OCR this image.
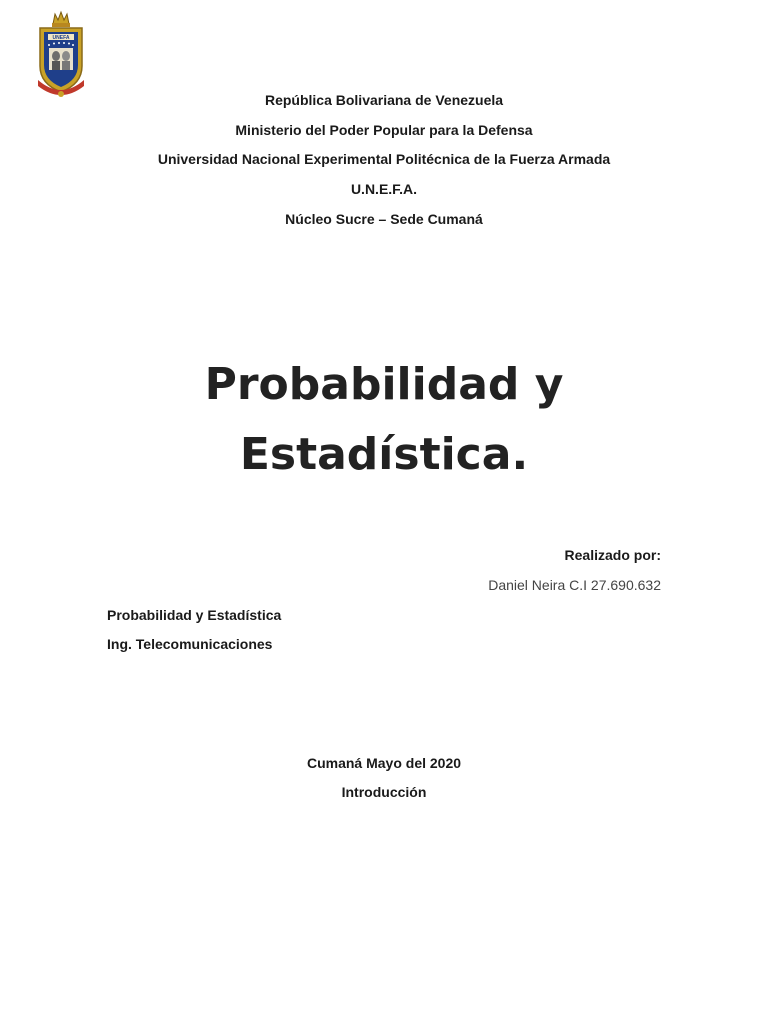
UNEFA
República Bolivariana de Venezuela
Ministerio del Poder Popular para la Defensa
Universidad Nacional Experimental Politécnica de la Fuerza Armada
U.N.E.F.A.
Núcleo Sucre – Sede Cumaná
Probabilidad y
Estadística.
Realizado por:
Daniel Neira C.I 27.690.632
Probabilidad y Estadística
Ing. Telecomunicaciones
Cumaná Mayo del 2020
Introducción
